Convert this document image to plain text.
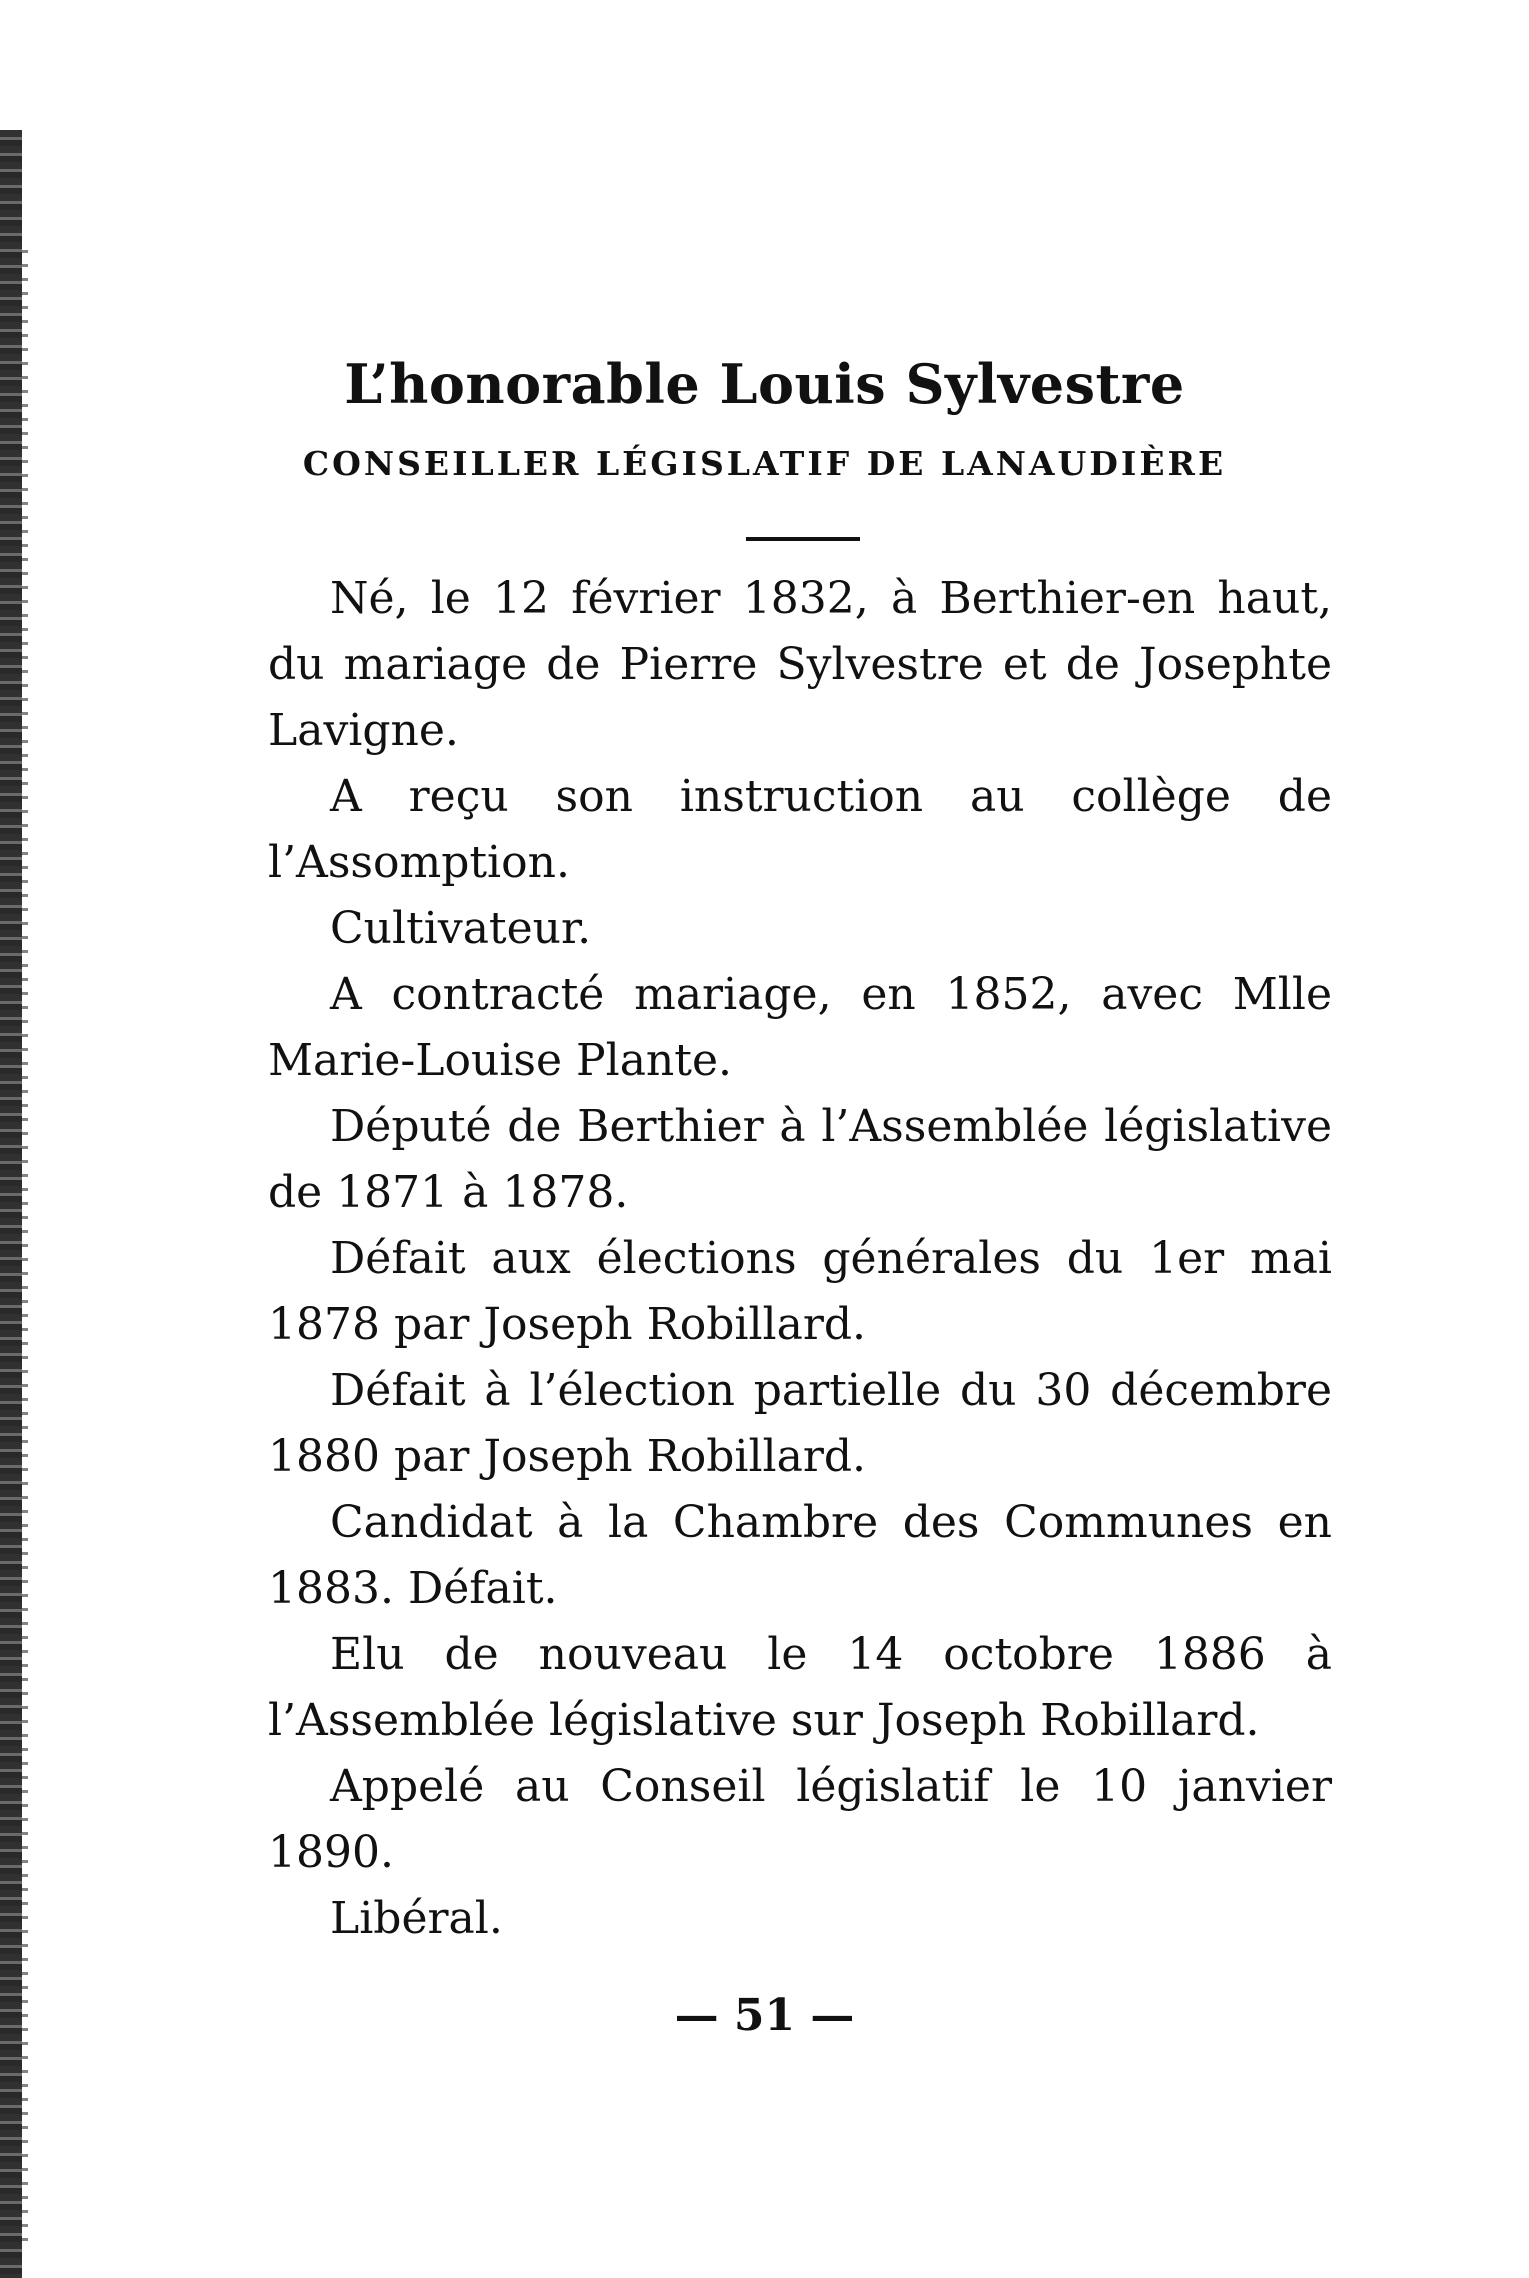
L’honorable Louis Sylvestre
CONSEILLER LÉGISLATIF DE LANAUDIÈRE

Né, le 12 février 1832, à Berthier-en haut, du mariage de Pierre Sylvestre et de Josephte Lavigne.

A reçu son instruction au collège de l’Assomption.

Cultivateur.

A contracté mariage, en 1852, avec Mlle Marie-Louise Plante.

Député de Berthier à l’Assemblée législative de 1871 à 1878.

Défait aux élections générales du 1er mai 1878 par Joseph Robillard.

Défait à l’élection partielle du 30 décembre 1880 par Joseph Robillard.

Candidat à la Chambre des Communes en 1883. Défait.

Elu de nouveau le 14 octobre 1886 à l’Assemblée législative sur Joseph Robillard.

Appelé au Conseil législatif le 10 janvier 1890.

Libéral.

— 51 —
